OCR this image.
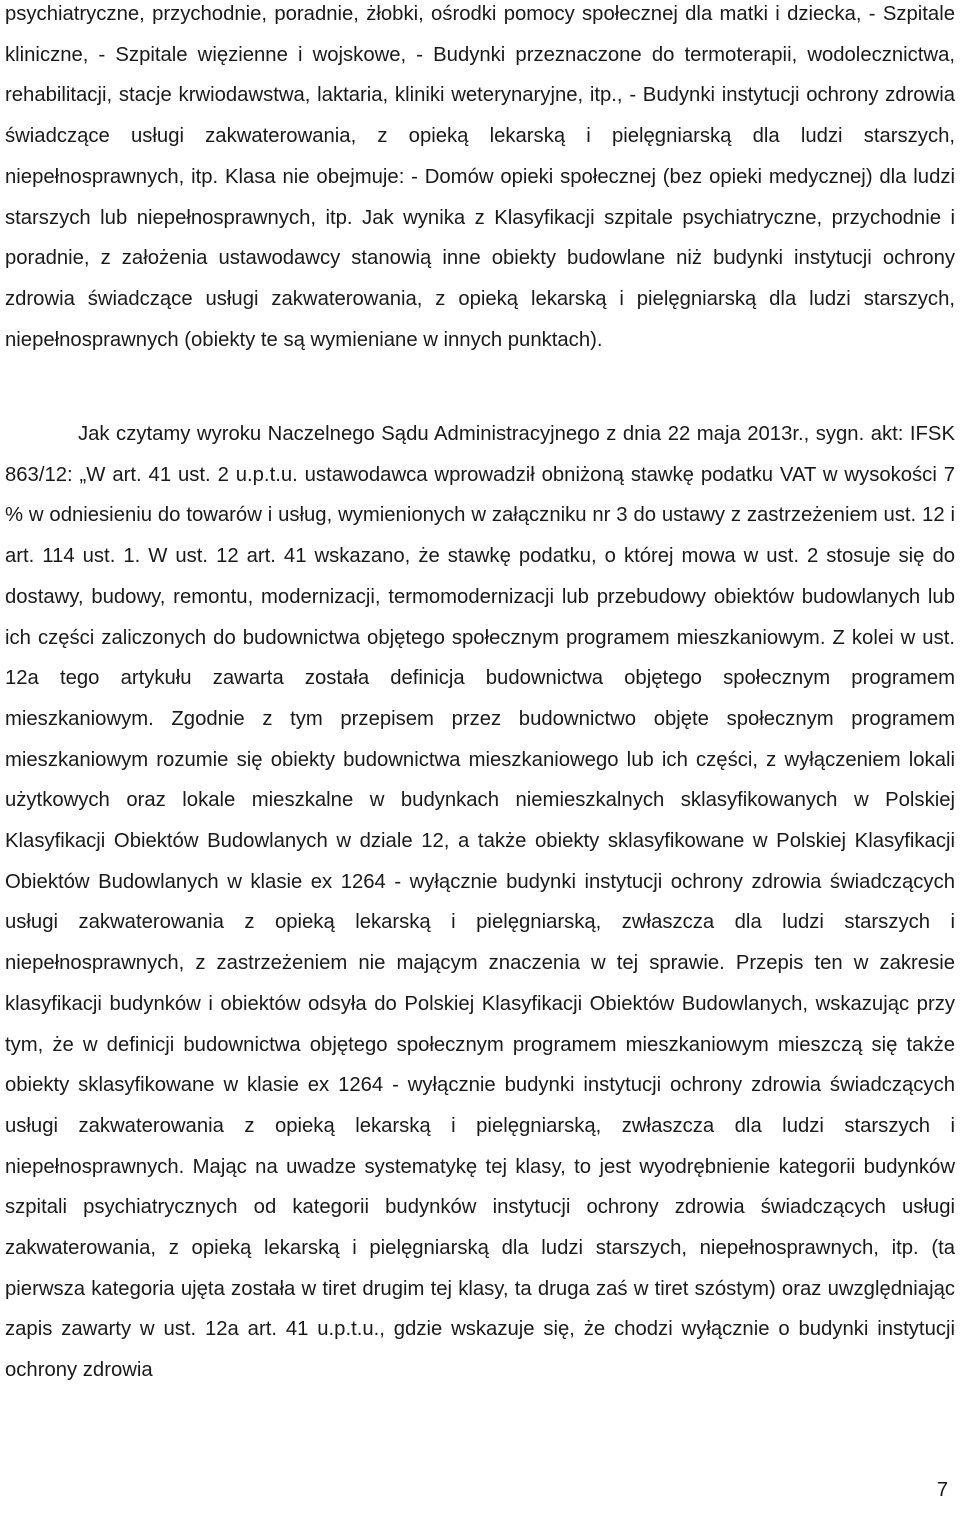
psychiatryczne, przychodnie, poradnie, żłobki, ośrodki pomocy społecznej dla matki i dziecka, - Szpitale kliniczne, - Szpitale więzienne i wojskowe, - Budynki przeznaczone do termoterapii, wodolecznictwa, rehabilitacji, stacje krwiodawstwa, laktaria, kliniki weterynaryjne, itp., - Budynki instytucji ochrony zdrowia świadczące usługi zakwaterowania, z opieką lekarską i pielęgniarską dla ludzi starszych, niepełnosprawnych, itp. Klasa nie obejmuje: - Domów opieki społecznej (bez opieki medycznej) dla ludzi starszych lub niepełnosprawnych, itp. Jak wynika z Klasyfikacji szpitale psychiatryczne, przychodnie i poradnie, z założenia ustawodawcy stanowią inne obiekty budowlane niż budynki instytucji ochrony zdrowia świadczące usługi zakwaterowania, z opieką lekarską i pielęgniarską dla ludzi starszych, niepełnosprawnych (obiekty te są wymieniane w innych punktach).

Jak czytamy wyroku Naczelnego Sądu Administracyjnego z dnia 22 maja 2013r., sygn. akt: IFSK 863/12: „W art. 41 ust. 2 u.p.t.u. ustawodawca wprowadził obniżoną stawkę podatku VAT w wysokości 7 % w odniesieniu do towarów i usług, wymienionych w załączniku nr 3 do ustawy z zastrzeżeniem ust. 12 i art. 114 ust. 1. W ust. 12 art. 41 wskazano, że stawkę podatku, o której mowa w ust. 2 stosuje się do dostawy, budowy, remontu, modernizacji, termomodernizacji lub przebudowy obiektów budowlanych lub ich części zaliczonych do budownictwa objętego społecznym programem mieszkaniowym. Z kolei w ust. 12a tego artykułu zawarta została definicja budownictwa objętego społecznym programem mieszkaniowym. Zgodnie z tym przepisem przez budownictwo objęte społecznym programem mieszkaniowym rozumie się obiekty budownictwa mieszkaniowego lub ich części, z wyłączeniem lokali użytkowych oraz lokale mieszkalne w budynkach niemieszkalnych sklasyfikowanych w Polskiej Klasyfikacji Obiektów Budowlanych w dziale 12, a także obiekty sklasyfikowane w Polskiej Klasyfikacji Obiektów Budowlanych w klasie ex 1264 - wyłącznie budynki instytucji ochrony zdrowia świadczących usługi zakwaterowania z opieką lekarską i pielęgniarską, zwłaszcza dla ludzi starszych i niepełnosprawnych, z zastrzeżeniem nie mającym znaczenia w tej sprawie. Przepis ten w zakresie klasyfikacji budynków i obiektów odsyła do Polskiej Klasyfikacji Obiektów Budowlanych, wskazując przy tym, że w definicji budownictwa objętego społecznym programem mieszkaniowym mieszczą się także obiekty sklasyfikowane w klasie ex 1264 - wyłącznie budynki instytucji ochrony zdrowia świadczących usługi zakwaterowania z opieką lekarską i pielęgniarską, zwłaszcza dla ludzi starszych i niepełnosprawnych. Mając na uwadze systematykę tej klasy, to jest wyodrębnienie kategorii budynków szpitali psychiatrycznych od kategorii budynków instytucji ochrony zdrowia świadczących usługi zakwaterowania, z opieką lekarską i pielęgniarską dla ludzi starszych, niepełnosprawnych, itp. (ta pierwsza kategoria ujęta została w tiret drugim tej klasy, ta druga zaś w tiret szóstym) oraz uwzględniając zapis zawarty w ust. 12a art. 41 u.p.t.u., gdzie wskazuje się, że chodzi wyłącznie o budynki instytucji ochrony zdrowia

7
